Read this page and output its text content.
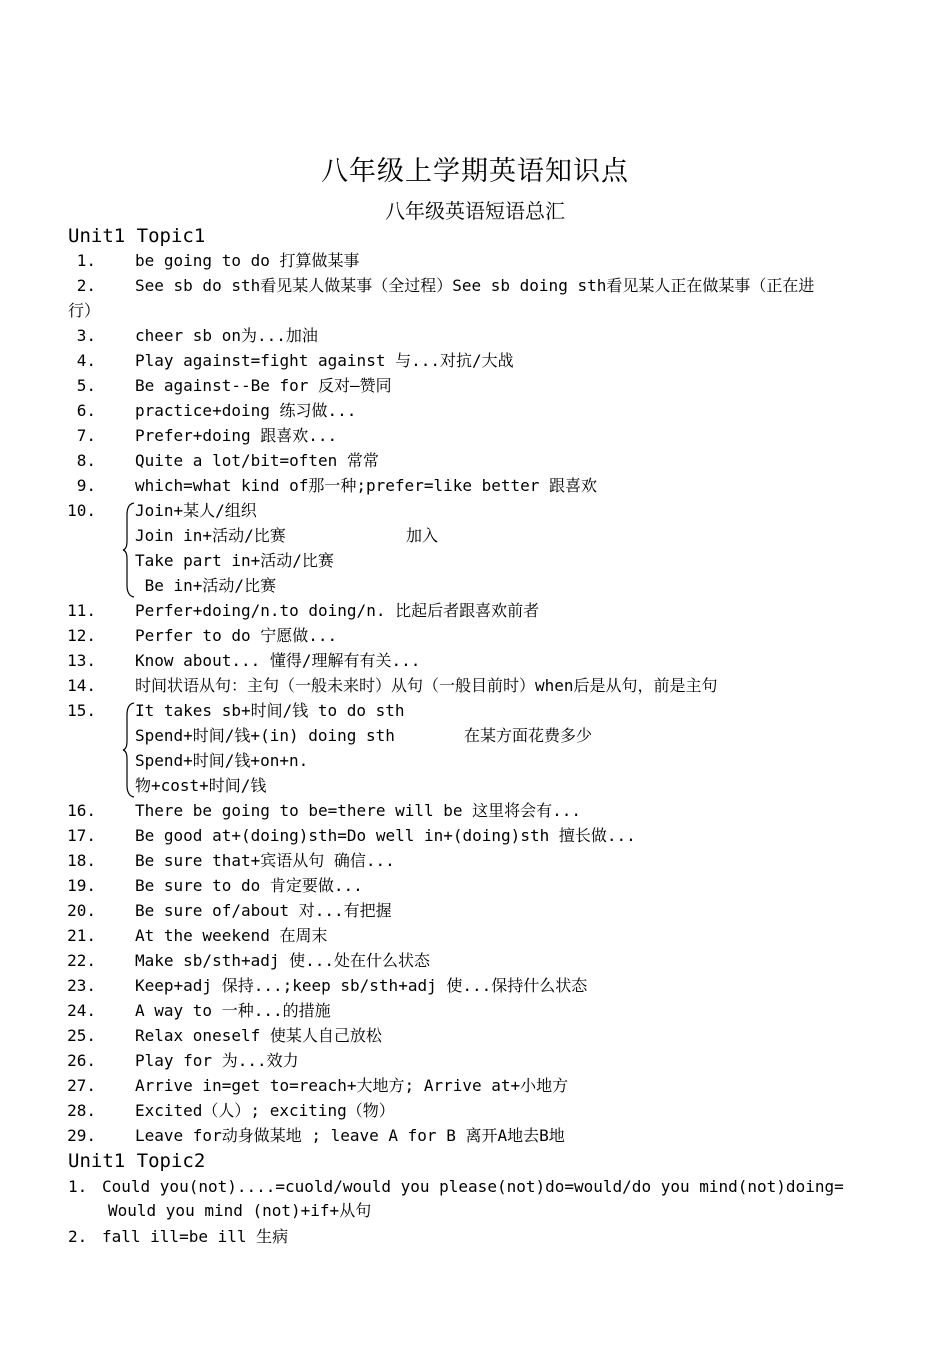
八年级上学期英语知识点
八年级英语短语总汇
Unit1 Topic1
1. be going to do 打算做某事
2. See sb do sth看见某人做某事（全过程）See sb doing sth看见某人正在做某事（正在进
行）
3. cheer sb on为...加油
4. Play against=fight against 与...对抗/大战
5. Be against--Be for 反对—赞同
6. practice+doing 练习做...
7. Prefer+doing 跟喜欢...
8. Quite a lot/bit=often 常常
9. which=what kind of那一种;prefer=like better 跟喜欢
10. Join+某人/组织
Join in+活动/比赛
Take part in+活动/比赛
Be in+活动/比赛
加入
11. Perfer+doing/n.to doing/n. 比起后者跟喜欢前者
12. Perfer to do 宁愿做...
13. Know about... 懂得/理解有有关...
14. 时间状语从句：主句（一般未来时）从句（一般目前时）when后是从句，前是主句
15. It takes sb+时间/钱 to do sth
Spend+时间/钱+(in) doing sth
Spend+时间/钱+on+n.
物+cost+时间/钱
在某方面花费多少
16. There be going to be=there will be 这里将会有...
17. Be good at+(doing)sth=Do well in+(doing)sth 擅长做...
18. Be sure that+宾语从句 确信...
19. Be sure to do 肯定要做...
20. Be sure of/about 对...有把握
21. At the weekend 在周末
22. Make sb/sth+adj 使...处在什么状态
23. Keep+adj 保持...;keep sb/sth+adj 使...保持什么状态
24. A way to 一种...的措施
25. Relax oneself 使某人自己放松
26. Play for 为...效力
27. Arrive in=get to=reach+大地方; Arrive at+小地方
28. Excited（人）; exciting（物）
29. Leave for动身做某地 ; leave A for B 离开A地去B地
Unit1 Topic2
1. Could you(not)....=cuold/would you please(not)do=would/do you mind(not)doing=
Would you mind (not)+if+从句
2. fall ill=be ill 生病
